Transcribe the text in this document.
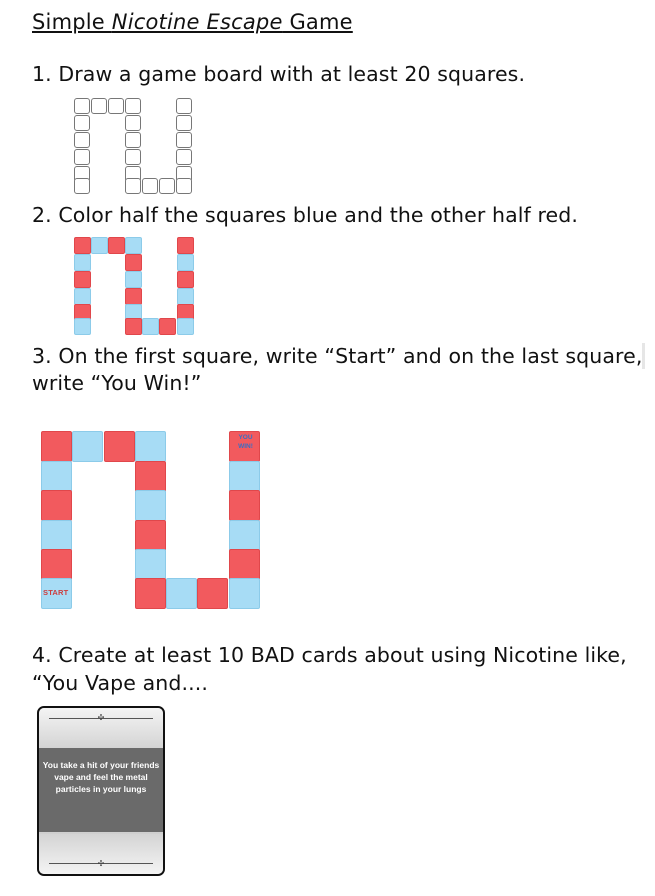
Simple Nicotine Escape Game
1. Draw a game board with at least 20 squares.
2. Color half the squares blue and the other half red.
3. On the first square, write “Start” and on the last square,
write “You Win!”
START
YOU
WIN!
4. Create at least 10 BAD cards about using Nicotine like,
“You Vape and....
✣
You take a hit of your friends vape and feel the metal particles in your lungs
✣
